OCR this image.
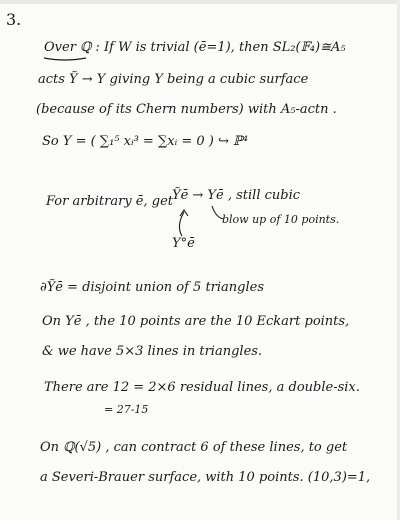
3.
Over ℚ : If W is trivial (ē=1), then SL₂(𝔽₄)≅A₅
acts Ỹ → Y giving Y being a cubic surface
(because of its Chern numbers) with A₅-actn .
So Y = ( ∑₁⁵ xᵢ³ = ∑xᵢ = 0 ) ↪ ℙ⁴
For arbitrary ē, get
Ỹē → Yē , still cubic
blow up of 10 points.
Y°ē
∂Ỹē = disjoint union of 5 triangles
On Yē , the 10 points are the 10 Eckart points,
& we have 5×3 lines in triangles.
There are 12 = 2×6 residual lines, a double-six.
= 27-15
On ℚ(√5) , can contract 6 of these lines, to get
a Severi-Brauer surface, with 10 points. (10,3)=1,
